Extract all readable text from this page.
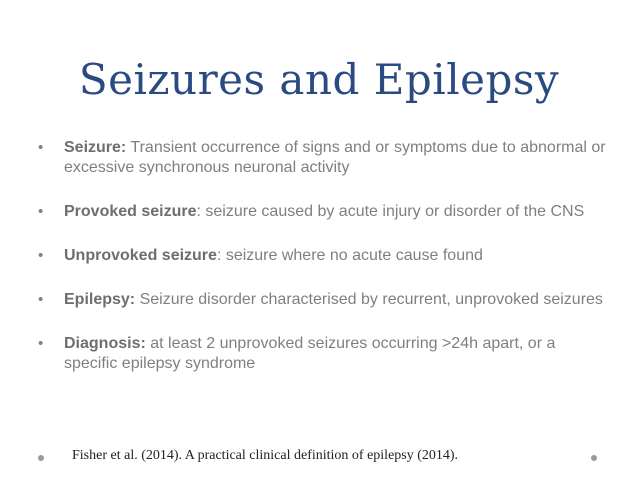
Seizures and Epilepsy
• Seizure: Transient occurrence of signs and or symptoms due to abnormal or excessive synchronous neuronal activity
• Provoked seizure: seizure caused by acute injury or disorder of the CNS
• Unprovoked seizure: seizure where no acute cause found
• Epilepsy: Seizure disorder characterised by recurrent, unprovoked seizures
• Diagnosis: at least 2 unprovoked seizures occurring >24h apart, or a specific epilepsy syndrome
Fisher et al. (2014). A practical clinical definition of epilepsy (2014).
